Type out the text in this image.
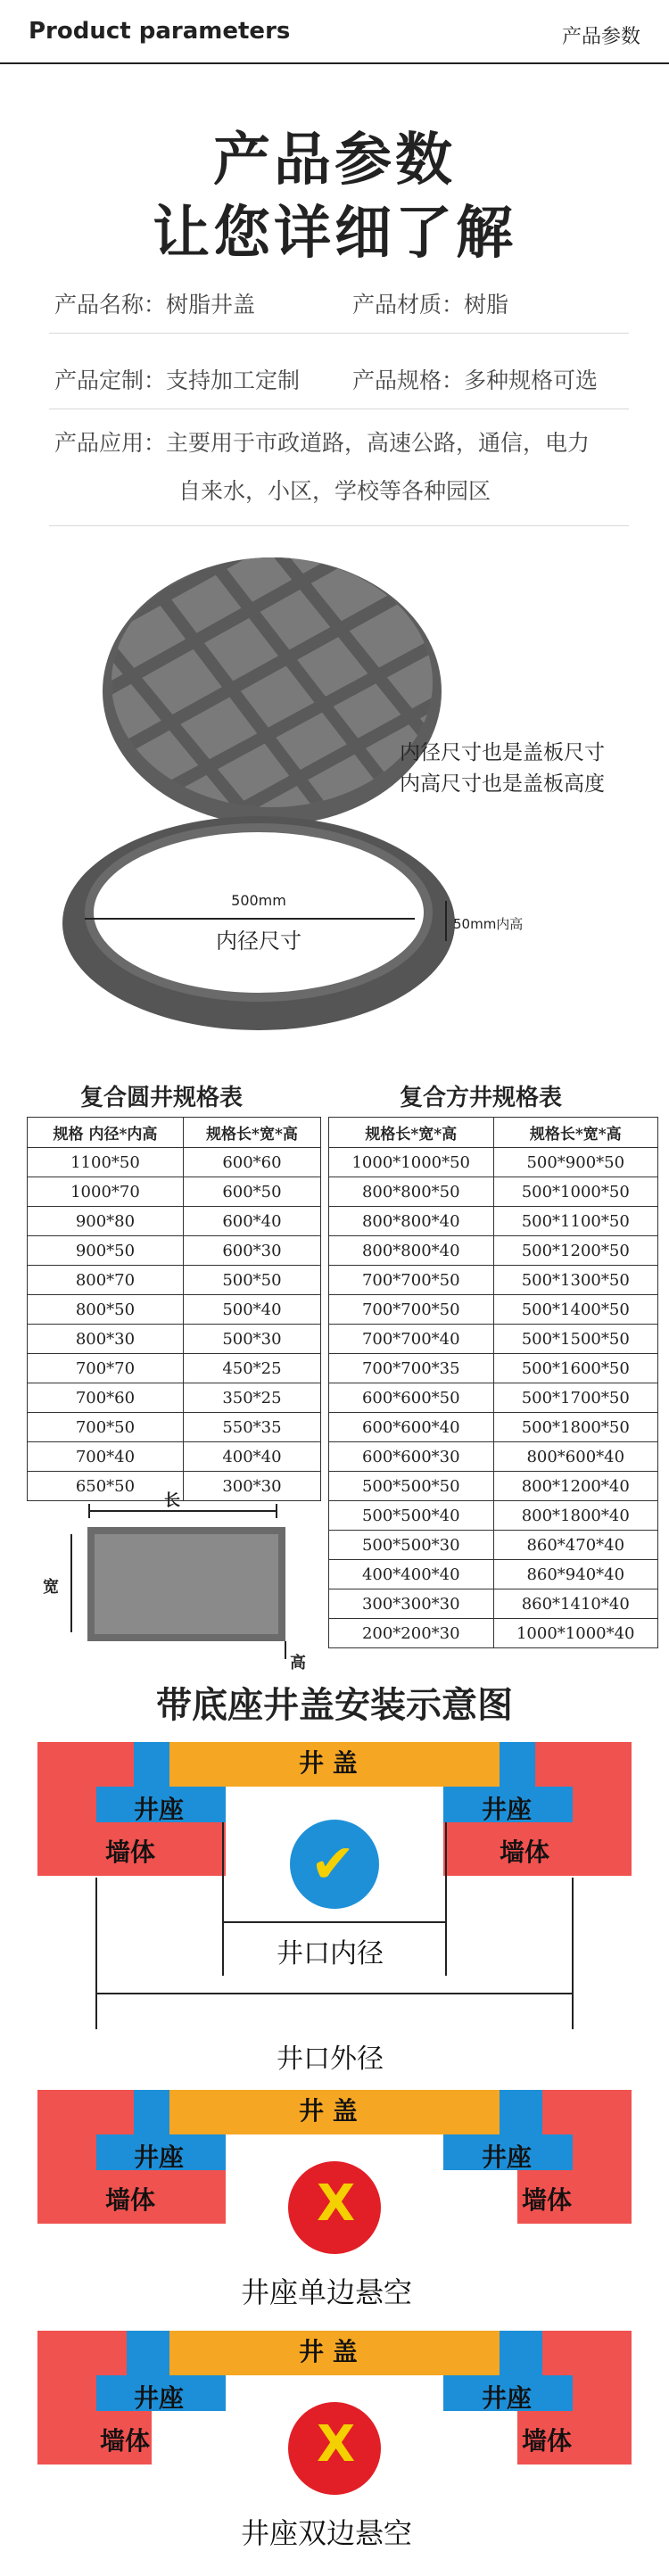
Product parameters	产品参数
产品参数
让您详细了解
产品名称：树脂井盖	产品材质：树脂
产品定制：支持加工定制 产品规格：多种规格可选
产品应用：主要用于市政道路，高速公路，通信，电力
自来水，小区，学校等各种园区
500mm
内径尺寸
50mm内高
内径尺寸也是盖板尺寸
内高尺寸也是盖板高度
复合圆井规格表
规格 内径*内高	规格长*宽*高
1100*50	600*60
1000*70	600*50
900*80	600*40
900*50	600*30
800*70	500*50
800*50	500*40
800*30	500*30
700*70	450*25
700*60	350*25
700*50	550*35
700*40	400*40
650*50	300*30
复合方井规格表
规格长*宽*高	规格长*宽*高
1000*1000*50	500*900*50
800*800*50	500*1000*50
800*800*40	500*1100*50
800*800*40	500*1200*50
700*700*50	500*1300*50
700*700*50	500*1400*50
700*700*40	500*1500*50
700*700*35	500*1600*50
600*600*50	500*1700*50
600*600*40	500*1800*50
600*600*30	800*600*40
500*500*50	800*1200*40
500*500*40	800*1800*40
500*500*30	860*470*40
400*400*40	860*940*40
300*300*30	860*1410*40
200*200*30	1000*1000*40
长
宽
高
带底座井盖安装示意图
井 盖
井座	井座
墙体	墙体
✔
井口内径
井口外径
井 盖
井座	井座
墙体	墙体
X
井座单边悬空
井 盖
井座	井座
墙体	墙体
X
井座双边悬空
